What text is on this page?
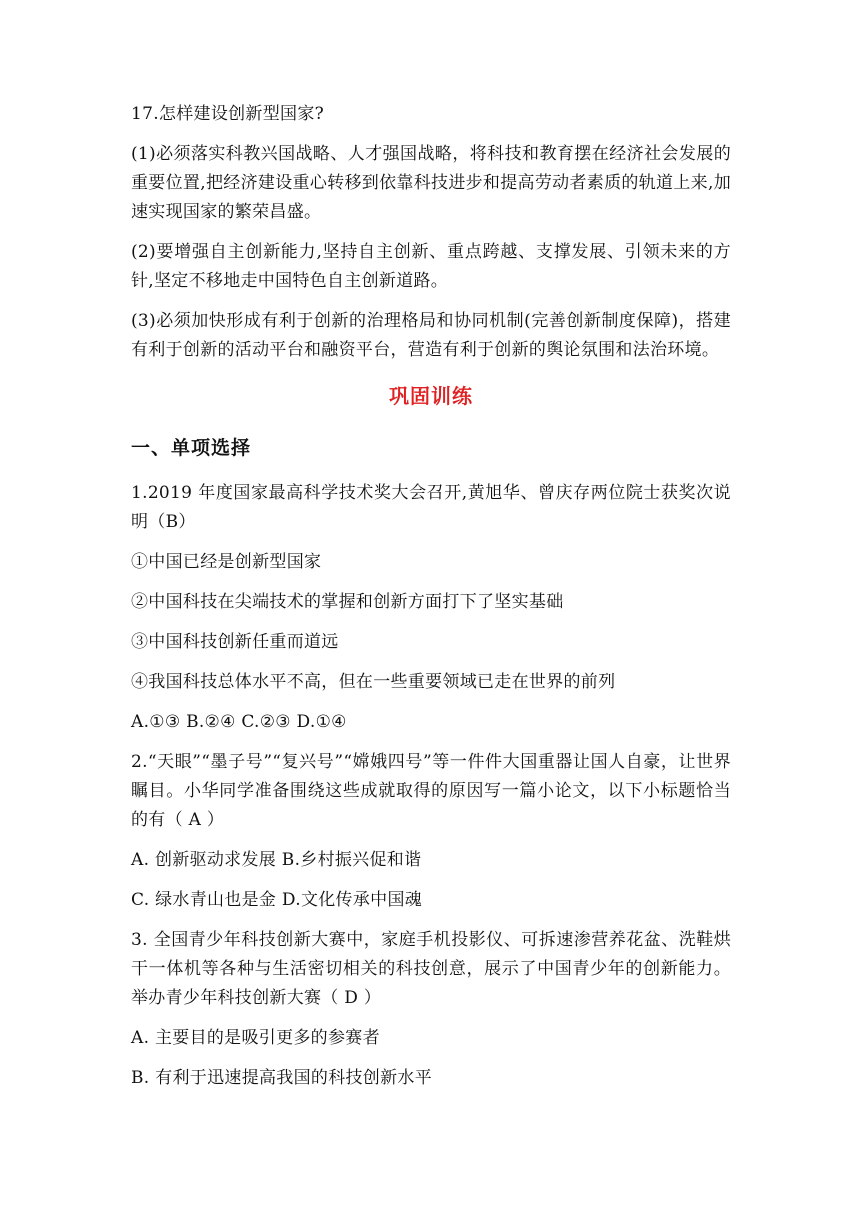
17.怎样建设创新型国家?

(1)必须落实科教兴国战略、人才强国战略，将科技和教育摆在经济社会发展的重要位置,把经济建设重心转移到依靠科技进步和提高劳动者素质的轨道上来,加速实现国家的繁荣昌盛。

(2)要增强自主创新能力,坚持自主创新、重点跨越、支撑发展、引领未来的方针,坚定不移地走中国特色自主创新道路。

(3)必须加快形成有利于创新的治理格局和协同机制(完善创新制度保障)，搭建有利于创新的活动平台和融资平台，营造有利于创新的舆论氛围和法治环境。

巩固训练
一、单项选择

1.2019 年度国家最高科学技术奖大会召开,黄旭华、曾庆存两位院士获奖次说明（B）

①中国已经是创新型国家

②中国科技在尖端技术的掌握和创新方面打下了坚实基础

③中国科技创新任重而道远

④我国科技总体水平不高，但在一些重要领域已走在世界的前列

A.①③ B.②④ C.②③ D.①④

2.“天眼”“墨子号”“复兴号”“嫦娥四号”等一件件大国重器让国人自豪，让世界瞩目。小华同学准备围绕这些成就取得的原因写一篇小论文，以下小标题恰当的有（ A ）

A. 创新驱动求发展 B.乡村振兴促和谐

C. 绿水青山也是金 D.文化传承中国魂

3. 全国青少年科技创新大赛中，家庭手机投影仪、可拆速渗营养花盆、洗鞋烘干一体机等各种与生活密切相关的科技创意，展示了中国青少年的创新能力。举办青少年科技创新大赛（ D ）

A. 主要目的是吸引更多的参赛者

B. 有利于迅速提高我国的科技创新水平
